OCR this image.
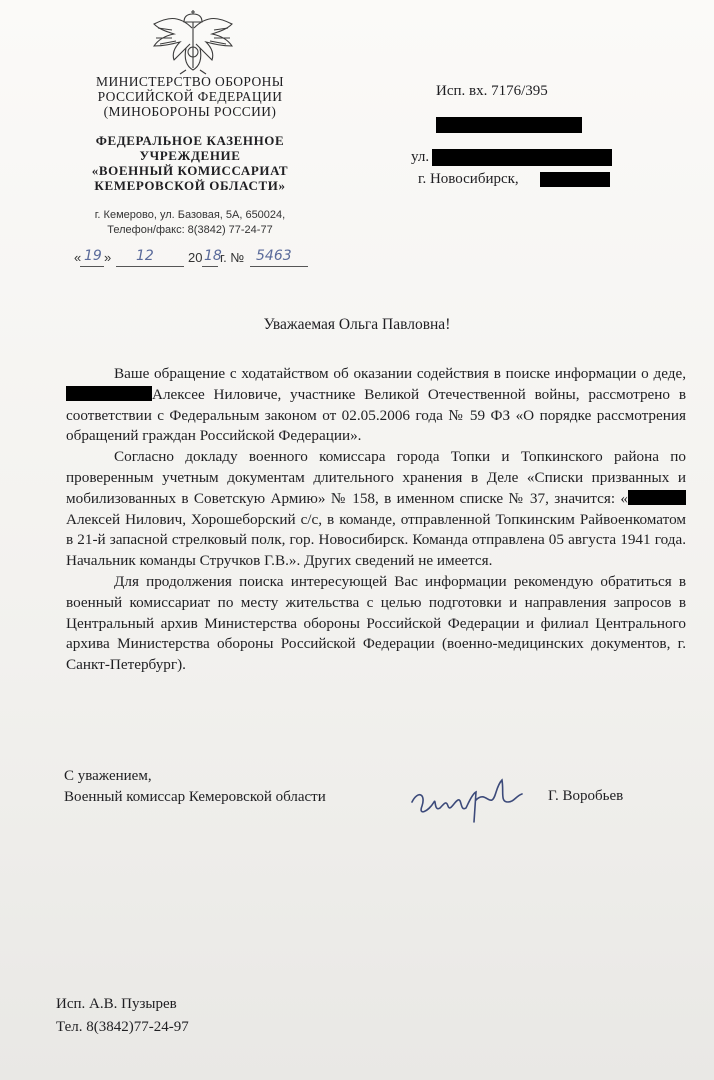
МИНИСТЕРСТВО ОБОРОНЫ
РОССИЙСКОЙ ФЕДЕРАЦИИ
(МИНОБОРОНЫ РОССИИ)
ФЕДЕРАЛЬНОЕ КАЗЕННОЕ
УЧРЕЖДЕНИЕ
«ВОЕННЫЙ КОМИССАРИАТ
КЕМЕРОВСКОЙ ОБЛАСТИ»
г. Кемерово, ул. Базовая, 5А, 650024,
Телефон/факс: 8(3842) 77-24-77
« 19 » 12	20 18
г. № 5463
Исп. вх. 7176/395
ул.
г. Новосибирск,
Уважаемая Ольга Павловна!

Ваше обращение с ходатайством об оказании содействия в поиске информации о деде, Алексее Ниловиче, участнике Великой Отечественной войны, рассмотрено в соответствии с Федеральным законом от 02.05.2006 года № 59 ФЗ «О порядке рассмотрения обращений граждан Российской Федерации».

Согласно докладу военного комиссара города Топки и Топкинского района по проверенным учетным документам длительного хранения в Деле «Списки призванных и мобилизованных в Советскую Армию» № 158, в именном списке № 37, значится: « Алексей Нилович, Хорошеборский с/с, в команде, отправленной Топкинским Райвоенкоматом в 21-й запасной стрелковый полк, гор. Новосибирск. Команда отправлена 05 августа 1941 года. Начальник команды Стручков Г.В.». Других сведений не имеется.

Для продолжения поиска интересующей Вас информации рекомендую обратиться в военный комиссариат по месту жительства с целью подготовки и направления запросов в Центральный архив Министерства обороны Российской Федерации и филиал Центрального архива Министерства обороны Российской Федерации (военно-медицинских документов, г. Санкт-Петербург).

С уважением,
Военный комиссар Кемеровской области	Г. Воробьев
Исп. А.В. Пузырев
Тел. 8(3842)77-24-97
